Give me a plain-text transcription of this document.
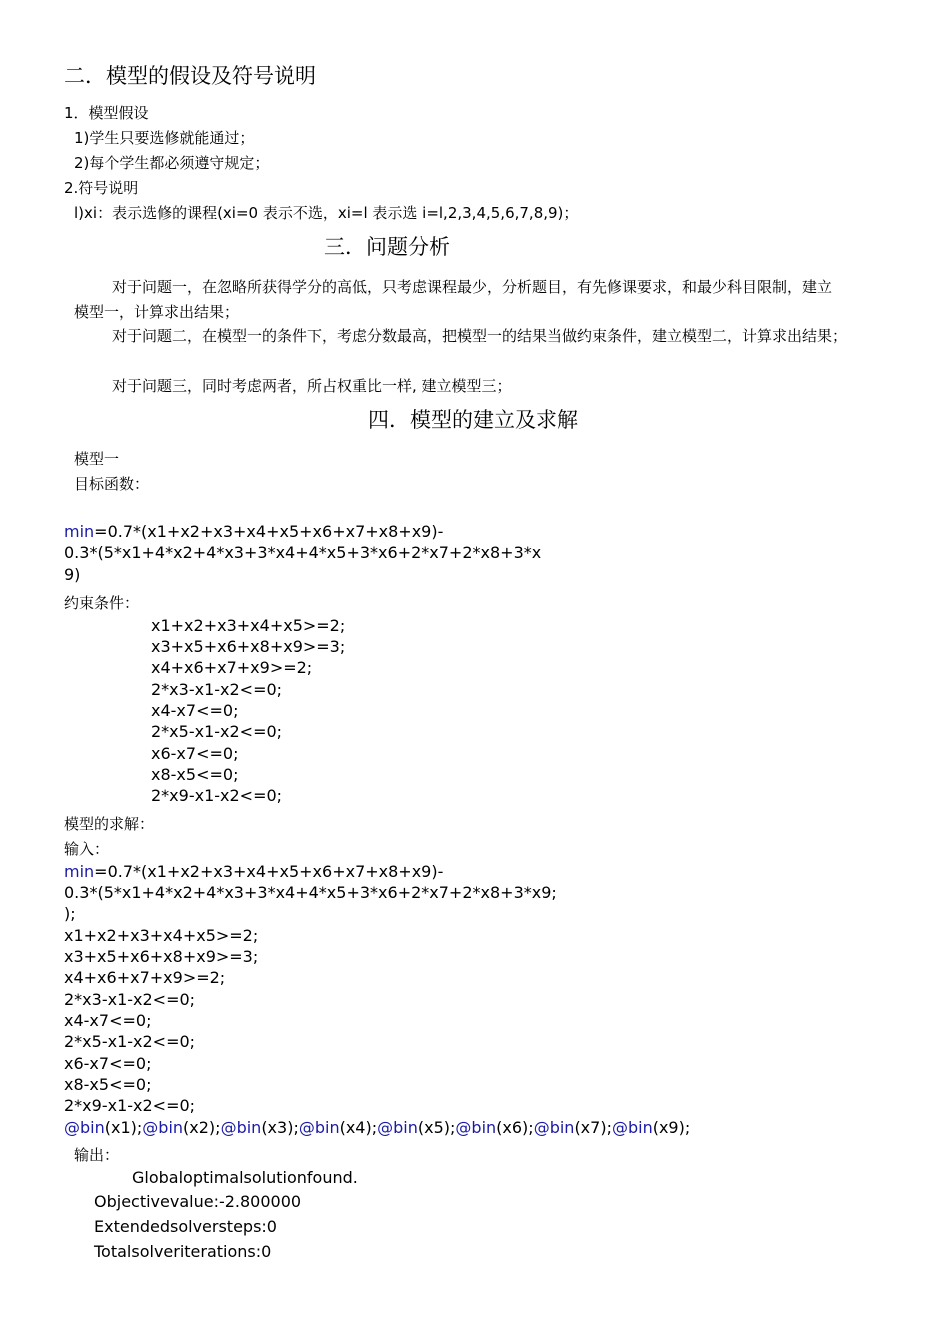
二．模型的假设及符号说明
1．模型假设
1)学生只要选修就能通过；
2)每个学生都必须遵守规定；
2.符号说明
l)xi：表示选修的课程(xi=0 表示不选，xi=l 表示选 i=l,2,3,4,5,6,7,8,9)；
三．问题分析
对于问题一，在忽略所获得学分的高低，只考虑课程最少，分析题目，有先修课要求，和最少科目限制，建立
模型一，计算求出结果；
对于问题二，在模型一的条件下，考虑分数最高，把模型一的结果当做约束条件，建立模型二，计算求出结果；
对于问题三，同时考虑两者，所占权重比一样, 建立模型三；
四．模型的建立及求解
模型一
目标函数：
min=0.7*(x1+x2+x3+x4+x5+x6+x7+x8+x9)-
0.3*(5*x1+4*x2+4*x3+3*x4+4*x5+3*x6+2*x7+2*x8+3*x
9)
约束条件：
x1+x2+x3+x4+x5>=2;
x3+x5+x6+x8+x9>=3;
x4+x6+x7+x9>=2;
2*x3-x1-x2<=0;
x4-x7<=0;
2*x5-x1-x2<=0;
x6-x7<=0;
x8-x5<=0;
2*x9-x1-x2<=0;
模型的求解：
输入：
min=0.7*(x1+x2+x3+x4+x5+x6+x7+x8+x9)-
0.3*(5*x1+4*x2+4*x3+3*x4+4*x5+3*x6+2*x7+2*x8+3*x9;
);
x1+x2+x3+x4+x5>=2;
x3+x5+x6+x8+x9>=3;
x4+x6+x7+x9>=2;
2*x3-x1-x2<=0;
x4-x7<=0;
2*x5-x1-x2<=0;
x6-x7<=0;
x8-x5<=0;
2*x9-x1-x2<=0;
@bin(x1);@bin(x2);@bin(x3);@bin(x4);@bin(x5);@bin(x6);@bin(x7);@bin(x9);
输出：
Globaloptimalsolutionfound.
Objectivevalue:-2.800000
Extendedsolversteps:0
Totalsolveriterations:0
